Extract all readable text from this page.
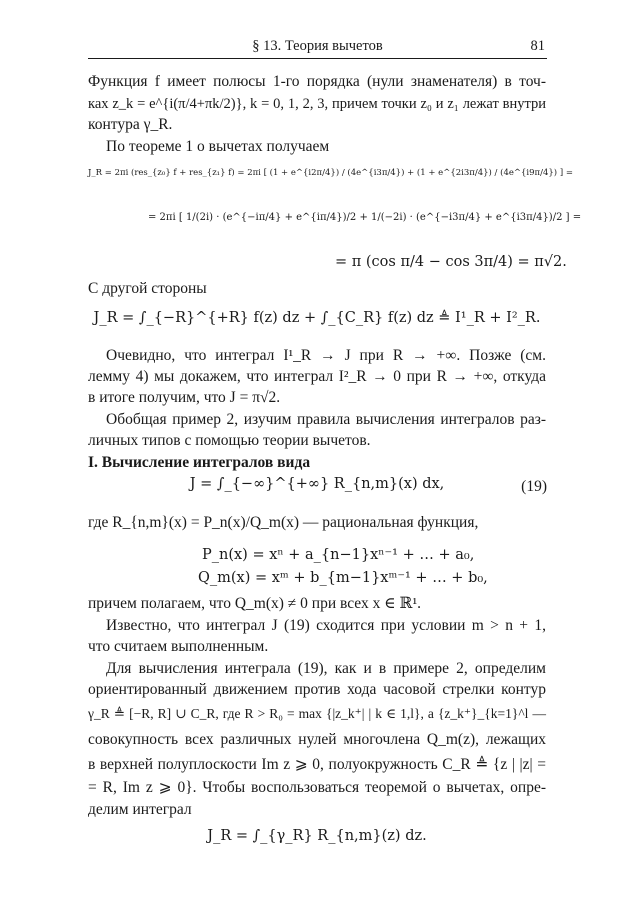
§ 13. Теория вычетов	81
Функция f имеет полюсы 1-го порядка (нули знаменателя) в точ-
ках z_k = e^{i(π/4+πk/2)}, k = 0, 1, 2, 3, причем точки z₀ и z₁ лежат внутри
контура γ_R.
По теореме 1 о вычетах получаем
J_R = 2πi (res_{z₀} f + res_{z₁} f) = 2πi [ (1 + e^{i2π/4}) / (4e^{i3π/4}) + (1 + e^{2i3π/4}) / (4e^{i9π/4}) ] =
= 2πi [ 1/(2i) · (e^{−iπ/4} + e^{iπ/4})/2 + 1/(−2i) · (e^{−i3π/4} + e^{i3π/4})/2 ] =
= π (cos π/4 − cos 3π/4) = π√2.
С другой стороны
J_R = ∫_{−R}^{+R} f(z) dz + ∫_{C_R} f(z) dz ≜ I¹_R + I²_R.
Очевидно, что интеграл I¹_R → J при R → +∞. Позже (см.
лемму 4) мы докажем, что интеграл I²_R → 0 при R → +∞, откуда
в итоге получим, что J = π√2.
Обобщая пример 2, изучим правила вычисления интегралов раз-
личных типов с помощью теории вычетов.
I. Вычисление интегралов вида
J = ∫_{−∞}^{+∞} R_{n,m}(x) dx,	(19)
где R_{n,m}(x) = P_n(x)/Q_m(x) — рациональная функция,
P_n(x) = xⁿ + a_{n−1}xⁿ⁻¹ + … + a₀,
Q_m(x) = xᵐ + b_{m−1}xᵐ⁻¹ + … + b₀,
причем полагаем, что Q_m(x) ≠ 0 при всех x ∈ ℝ¹.
Известно, что интеграл J (19) сходится при условии m > n + 1,
что считаем выполненным.
Для вычисления интеграла (19), как и в примере 2, определим
ориентированный движением против хода часовой стрелки контур
γ_R ≜ [−R, R] ∪ C_R, где R > R₀ = max {|z_k⁺| | k ∈ 1,l}, а {z_k⁺}_{k=1}^l —
совокупность всех различных нулей многочлена Q_m(z), лежащих
в верхней полуплоскости Im z ⩾ 0, полуокружность C_R ≜ {z | |z| =
= R, Im z ⩾ 0}. Чтобы воспользоваться теоремой о вычетах, опре-
делим интеграл
J_R = ∫_{γ_R} R_{n,m}(z) dz.
